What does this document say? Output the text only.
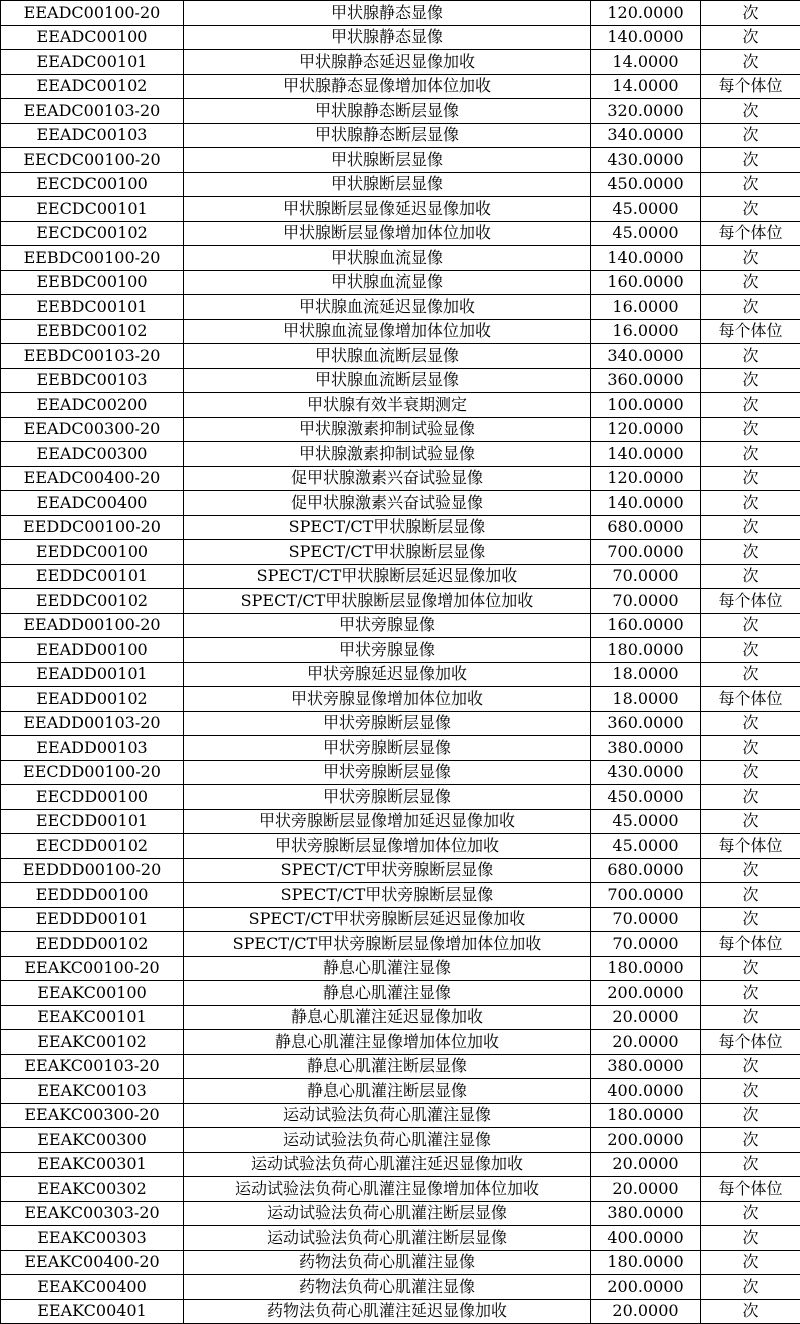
EEADC00100-20	甲状腺静态显像	120.0000	次
EEADC00100	甲状腺静态显像	140.0000	次
EEADC00101	甲状腺静态延迟显像加收	14.0000	次
EEADC00102	甲状腺静态显像增加体位加收	14.0000	每个体位
EEADC00103-20	甲状腺静态断层显像	320.0000	次
EEADC00103	甲状腺静态断层显像	340.0000	次
EECDC00100-20	甲状腺断层显像	430.0000	次
EECDC00100	甲状腺断层显像	450.0000	次
EECDC00101	甲状腺断层显像延迟显像加收	45.0000	次
EECDC00102	甲状腺断层显像增加体位加收	45.0000	每个体位
EEBDC00100-20	甲状腺血流显像	140.0000	次
EEBDC00100	甲状腺血流显像	160.0000	次
EEBDC00101	甲状腺血流延迟显像加收	16.0000	次
EEBDC00102	甲状腺血流显像增加体位加收	16.0000	每个体位
EEBDC00103-20	甲状腺血流断层显像	340.0000	次
EEBDC00103	甲状腺血流断层显像	360.0000	次
EEADC00200	甲状腺有效半衰期测定	100.0000	次
EEADC00300-20	甲状腺激素抑制试验显像	120.0000	次
EEADC00300	甲状腺激素抑制试验显像	140.0000	次
EEADC00400-20	促甲状腺激素兴奋试验显像	120.0000	次
EEADC00400	促甲状腺激素兴奋试验显像	140.0000	次
EEDDC00100-20	SPECT/CT甲状腺断层显像	680.0000	次
EEDDC00100	SPECT/CT甲状腺断层显像	700.0000	次
EEDDC00101	SPECT/CT甲状腺断层延迟显像加收	70.0000	次
EEDDC00102	SPECT/CT甲状腺断层显像增加体位加收	70.0000	每个体位
EEADD00100-20	甲状旁腺显像	160.0000	次
EEADD00100	甲状旁腺显像	180.0000	次
EEADD00101	甲状旁腺延迟显像加收	18.0000	次
EEADD00102	甲状旁腺显像增加体位加收	18.0000	每个体位
EEADD00103-20	甲状旁腺断层显像	360.0000	次
EEADD00103	甲状旁腺断层显像	380.0000	次
EECDD00100-20	甲状旁腺断层显像	430.0000	次
EECDD00100	甲状旁腺断层显像	450.0000	次
EECDD00101	甲状旁腺断层显像增加延迟显像加收	45.0000	次
EECDD00102	甲状旁腺断层显像增加体位加收	45.0000	每个体位
EEDDD00100-20	SPECT/CT甲状旁腺断层显像	680.0000	次
EEDDD00100	SPECT/CT甲状旁腺断层显像	700.0000	次
EEDDD00101	SPECT/CT甲状旁腺断层延迟显像加收	70.0000	次
EEDDD00102	SPECT/CT甲状旁腺断层显像增加体位加收	70.0000	每个体位
EEAKC00100-20	静息心肌灌注显像	180.0000	次
EEAKC00100	静息心肌灌注显像	200.0000	次
EEAKC00101	静息心肌灌注延迟显像加收	20.0000	次
EEAKC00102	静息心肌灌注显像增加体位加收	20.0000	每个体位
EEAKC00103-20	静息心肌灌注断层显像	380.0000	次
EEAKC00103	静息心肌灌注断层显像	400.0000	次
EEAKC00300-20	运动试验法负荷心肌灌注显像	180.0000	次
EEAKC00300	运动试验法负荷心肌灌注显像	200.0000	次
EEAKC00301	运动试验法负荷心肌灌注延迟显像加收	20.0000	次
EEAKC00302	运动试验法负荷心肌灌注显像增加体位加收	20.0000	每个体位
EEAKC00303-20	运动试验法负荷心肌灌注断层显像	380.0000	次
EEAKC00303	运动试验法负荷心肌灌注断层显像	400.0000	次
EEAKC00400-20	药物法负荷心肌灌注显像	180.0000	次
EEAKC00400	药物法负荷心肌灌注显像	200.0000	次
EEAKC00401	药物法负荷心肌灌注延迟显像加收	20.0000	次
